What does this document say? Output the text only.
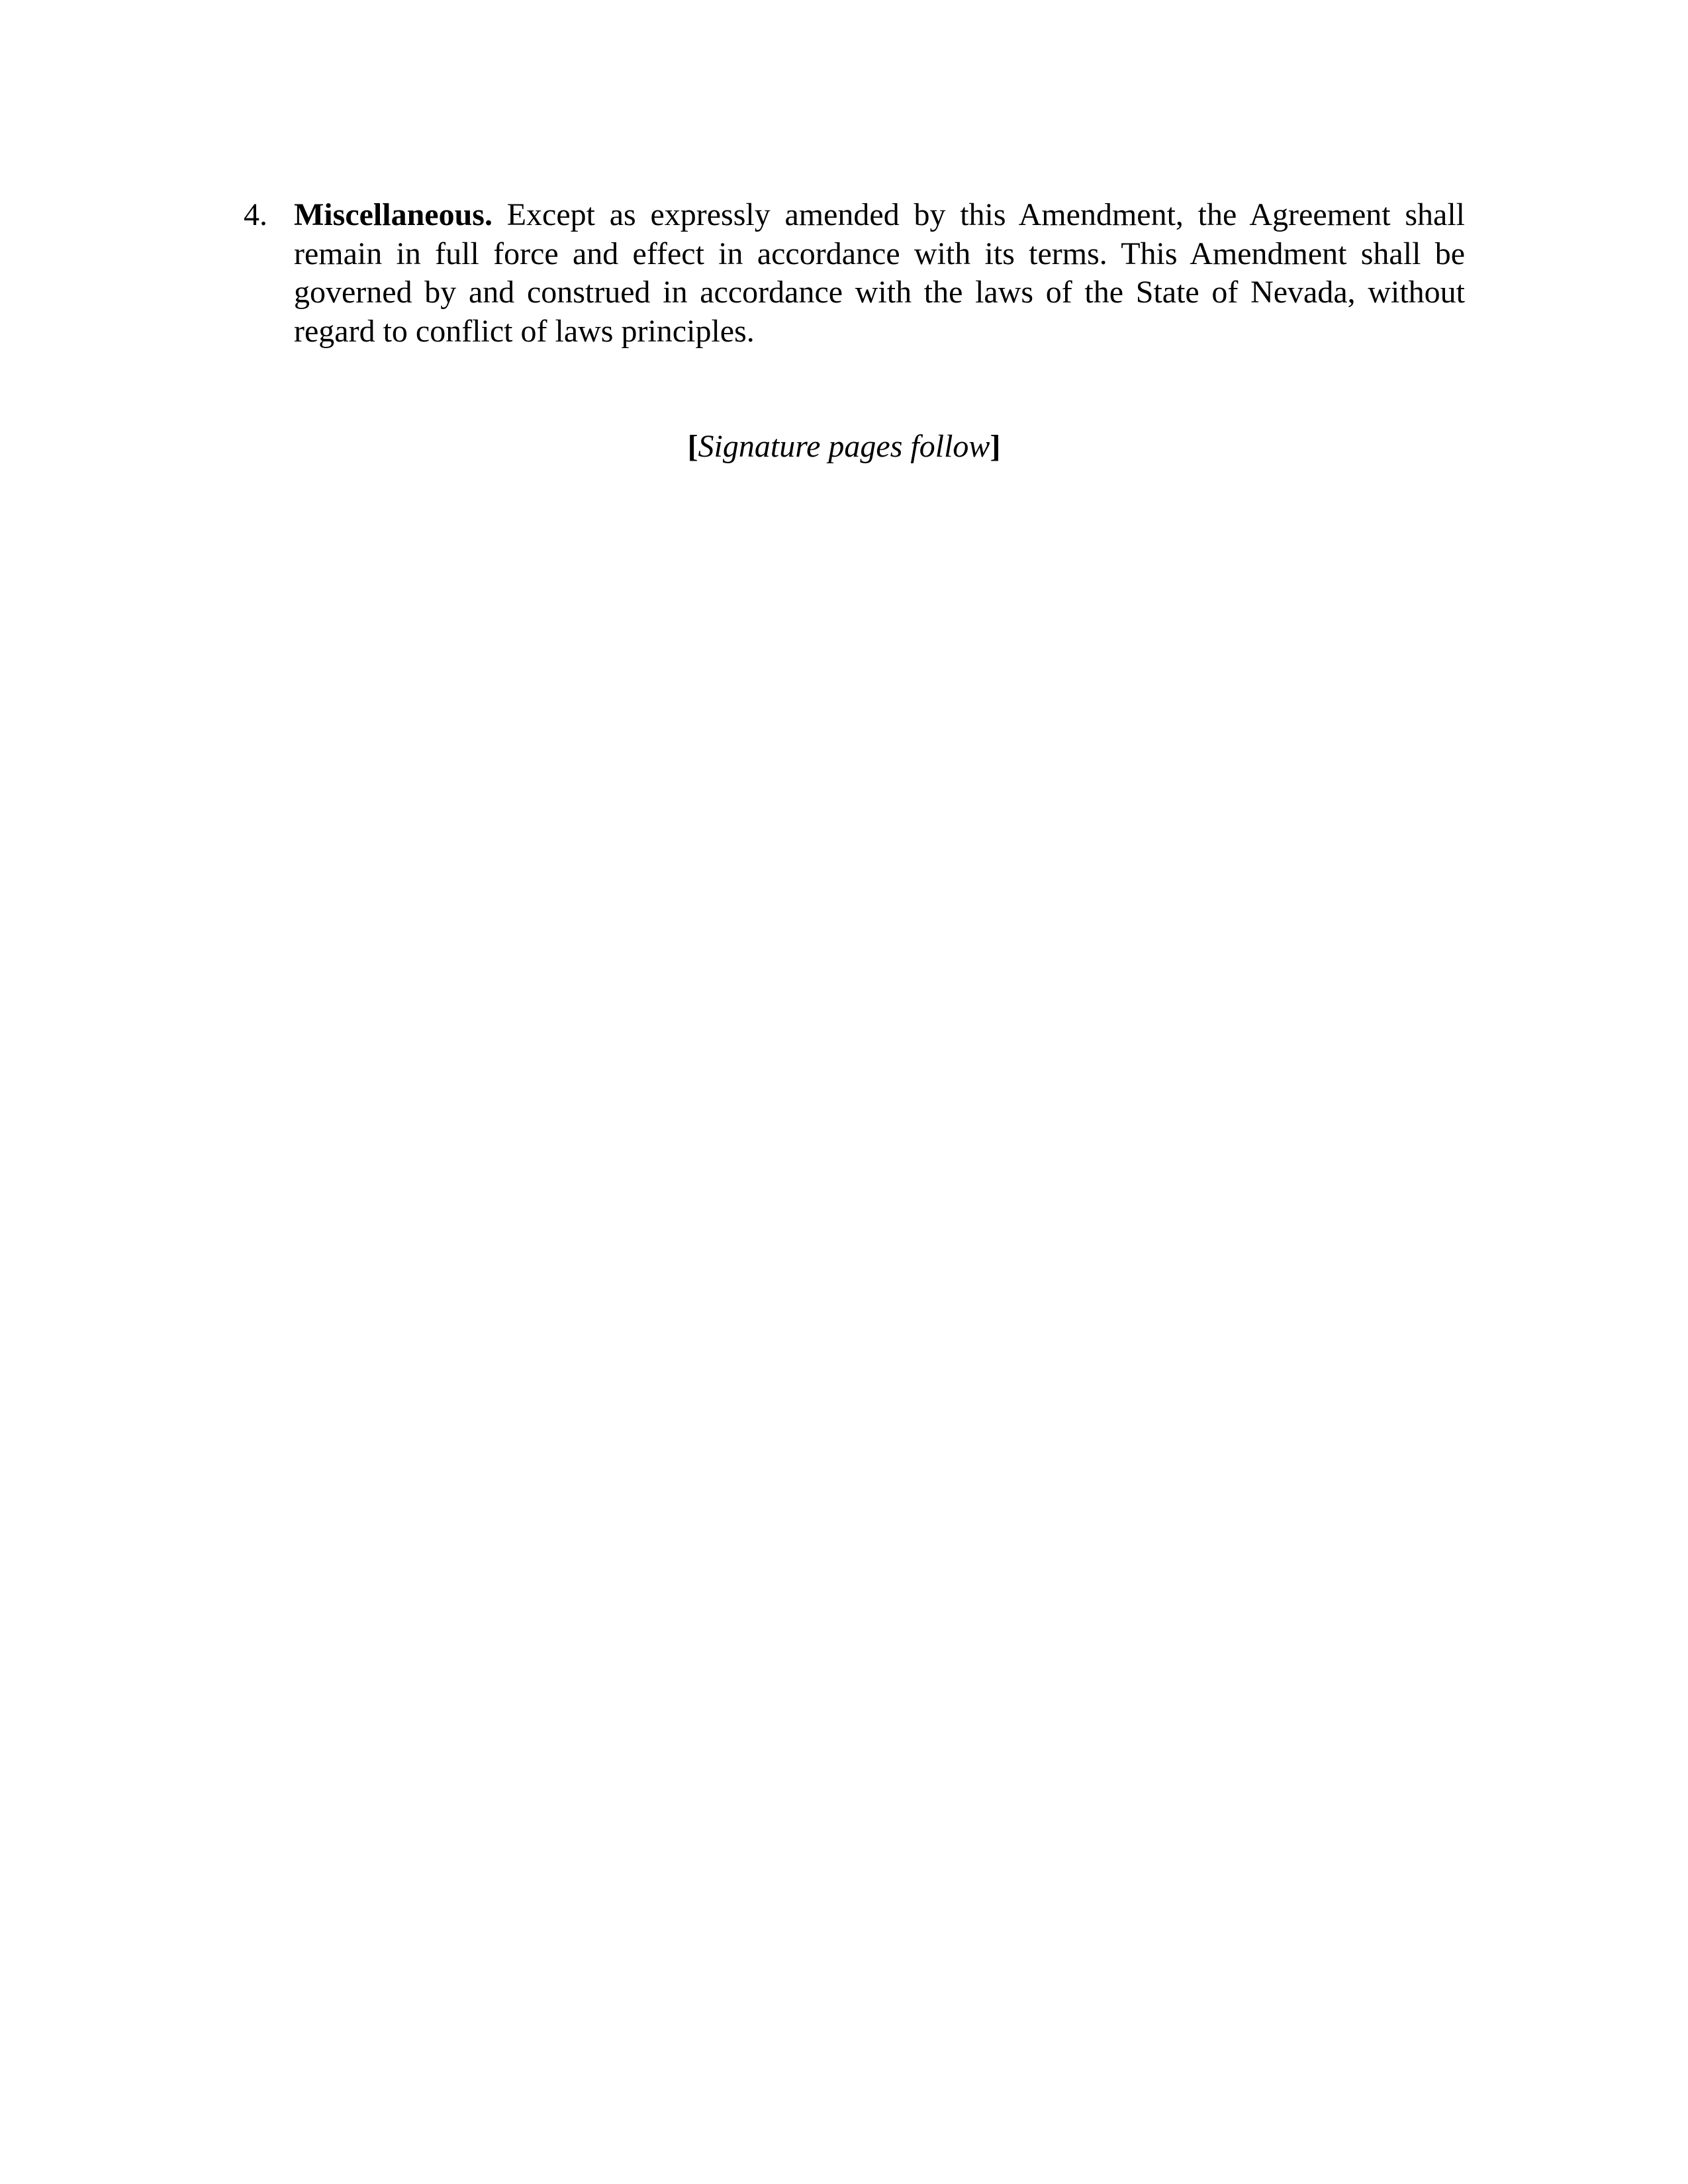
4. Miscellaneous. Except as expressly amended by this Amendment, the Agreement shall remain in full force and effect in accordance with its terms. This Amendment shall be governed by and construed in accordance with the laws of the State of Nevada, without regard to conflict of laws principles.
[Signature pages follow]
